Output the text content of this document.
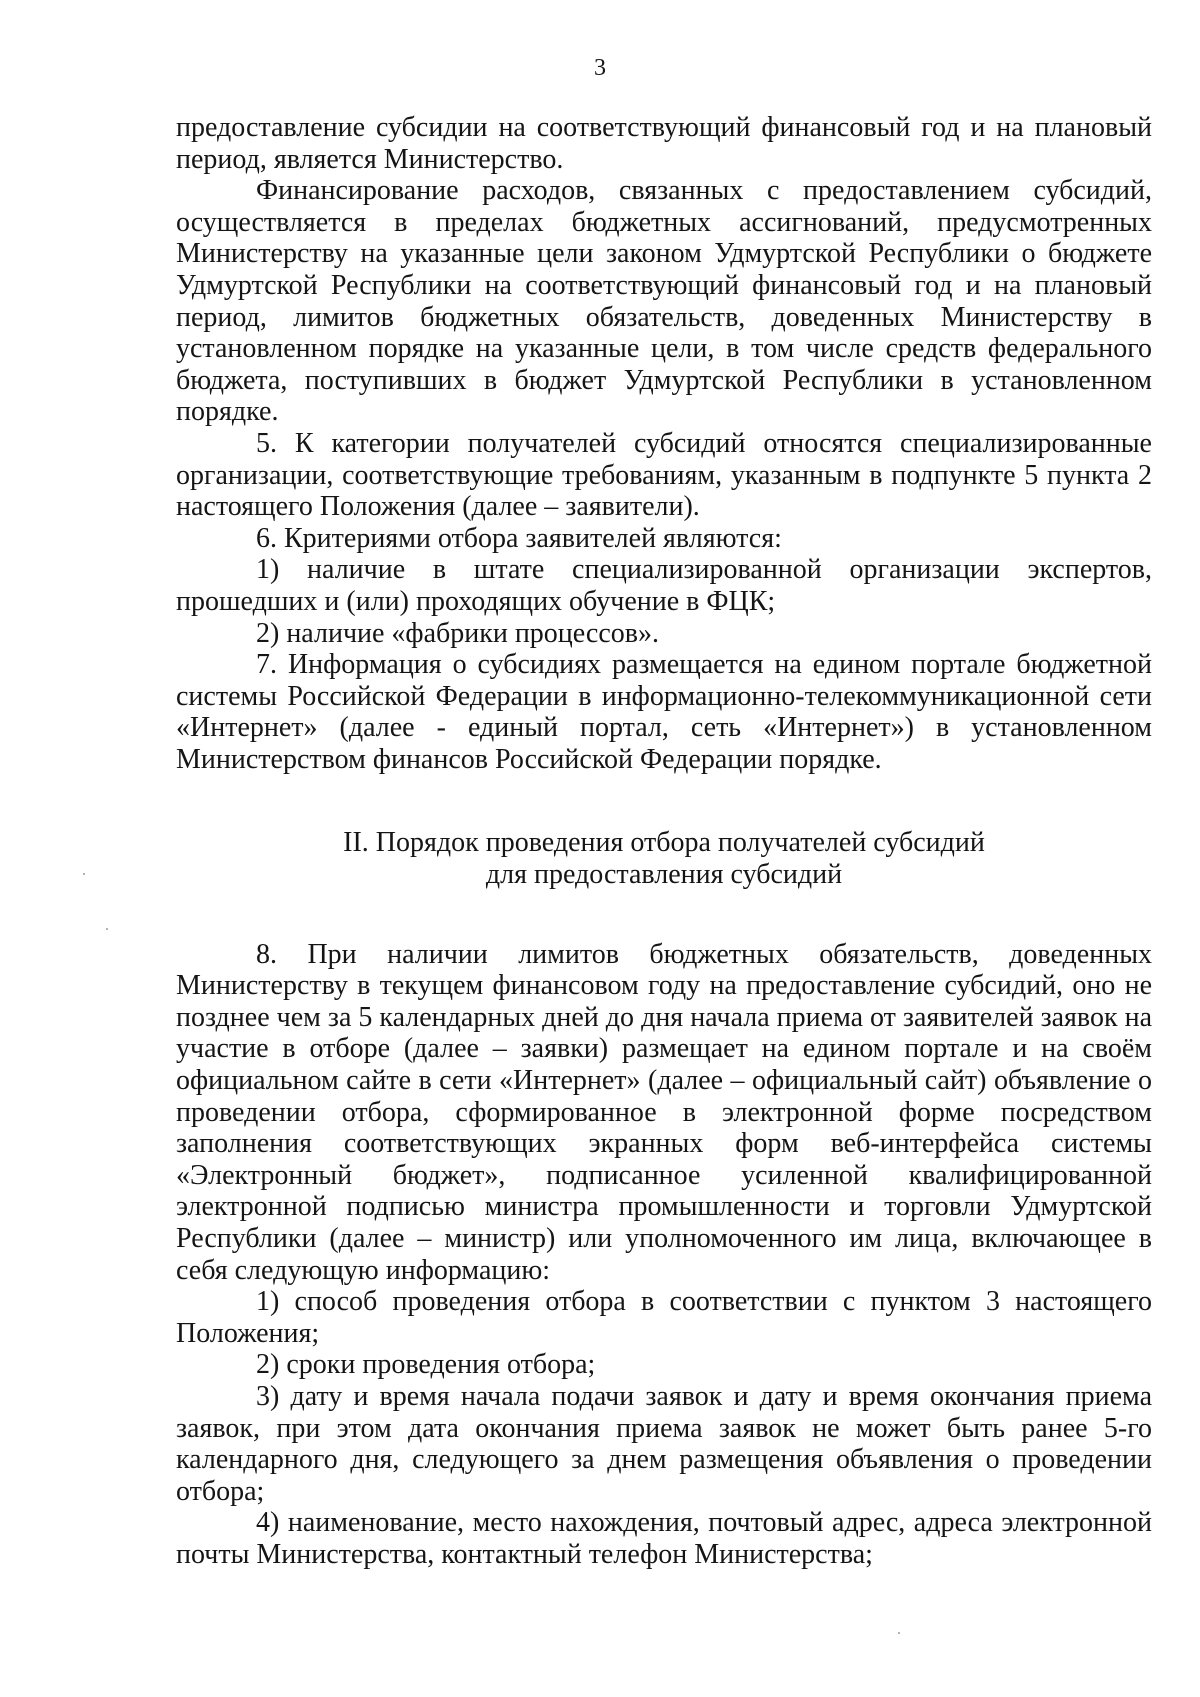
3

предоставление субсидии на соответствующий финансовый год и на плановый период, является Министерство.

Финансирование расходов, связанных с предоставлением субсидий, осуществляется в пределах бюджетных ассигнований, предусмотренных Министерству на указанные цели законом Удмуртской Республики о бюджете Удмуртской Республики на соответствующий финансовый год и на плановый период, лимитов бюджетных обязательств, доведенных Министерству в установленном порядке на указанные цели, в том числе средств федерального бюджета, поступивших в бюджет Удмуртской Республики в установленном порядке.

5. К категории получателей субсидий относятся специализированные организации, соответствующие требованиям, указанным в подпункте 5 пункта 2 настоящего Положения (далее – заявители).

6. Критериями отбора заявителей являются:

1) наличие в штате специализированной организации экспертов, прошедших и (или) проходящих обучение в ФЦК;

2) наличие «фабрики процессов».

7. Информация о субсидиях размещается на едином портале бюджетной системы Российской Федерации в информационно-телекоммуникационной сети «Интернет» (далее - единый портал, сеть «Интернет») в установленном Министерством финансов Российской Федерации порядке.

II. Порядок проведения отбора получателей субсидий
для предоставления субсидий

8. При наличии лимитов бюджетных обязательств, доведенных Министерству в текущем финансовом году на предоставление субсидий, оно не позднее чем за 5 календарных дней до дня начала приема от заявителей заявок на участие в отборе (далее – заявки) размещает на едином портале и на своём официальном сайте в сети «Интернет» (далее – официальный сайт) объявление о проведении отбора, сформированное в электронной форме посредством заполнения соответствующих экранных форм веб-интерфейса системы «Электронный бюджет», подписанное усиленной квалифицированной электронной подписью министра промышленности и торговли Удмуртской Республики (далее – министр) или уполномоченного им лица, включающее в себя следующую информацию:

1) способ проведения отбора в соответствии с пунктом 3 настоящего Положения;

2) сроки проведения отбора;

3) дату и время начала подачи заявок и дату и время окончания приема заявок, при этом дата окончания приема заявок не может быть ранее 5-го календарного дня, следующего за днем размещения объявления о проведении отбора;

4) наименование, место нахождения, почтовый адрес, адреса электронной почты Министерства, контактный телефон Министерства;
